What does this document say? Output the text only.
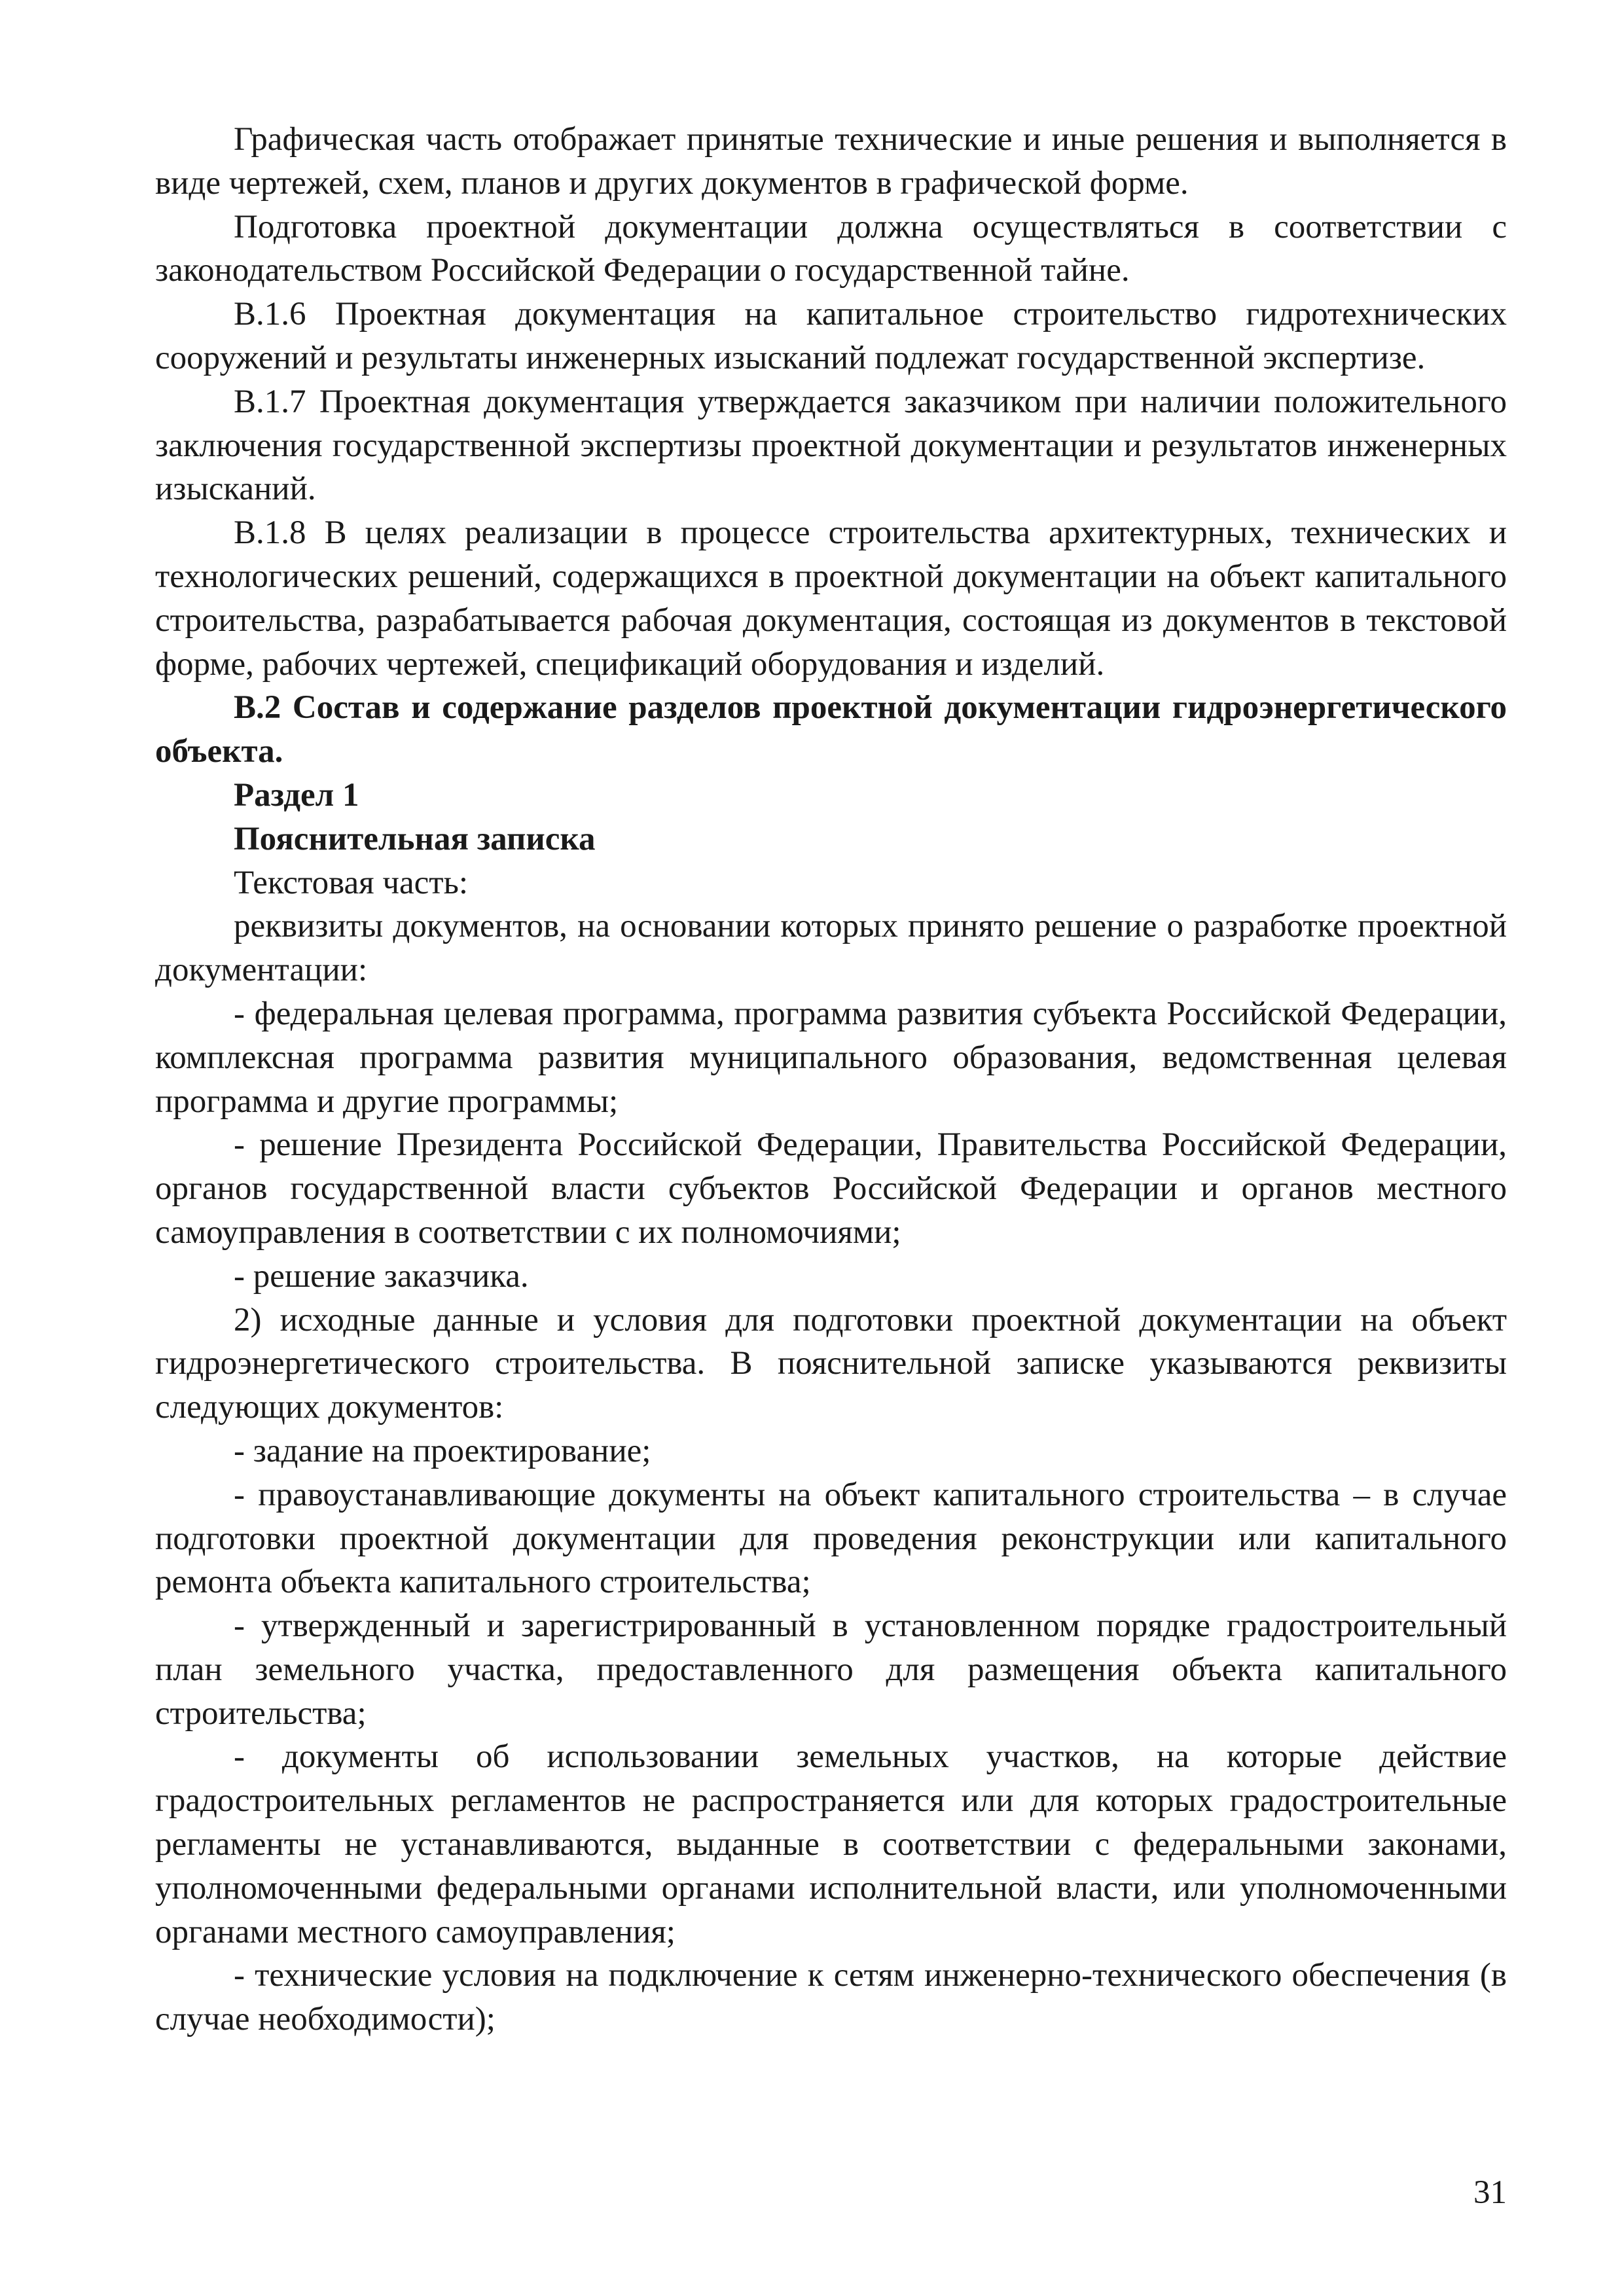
Графическая часть отображает принятые технические и иные решения и выполняется в виде чертежей, схем, планов и других документов в графической форме.

Подготовка проектной документации должна осуществляться в соответствии с законодательством Российской Федерации о государственной тайне.

В.1.6 Проектная документация на капитальное строительство гидротехнических сооружений и результаты инженерных изысканий подлежат государственной экспертизе.

В.1.7 Проектная документация утверждается заказчиком при наличии положительного заключения государственной экспертизы проектной документации и результатов инженерных изысканий.

В.1.8 В целях реализации в процессе строительства архитектурных, технических и технологических решений, содержащихся в проектной документации на объект капитального строительства, разрабатывается рабочая документация, состоящая из документов в текстовой форме, рабочих чертежей, спецификаций оборудования и изделий.

В.2 Состав и содержание разделов проектной документации гидроэнергетического объекта.

Раздел 1

Пояснительная записка

Текстовая часть:

реквизиты документов, на основании которых принято решение о разработке проектной документации:

- федеральная целевая программа, программа развития субъекта Российской Федерации, комплексная программа развития муниципального образования, ведомственная целевая программа и другие программы;

- решение Президента Российской Федерации, Правительства Российской Федерации, органов государственной власти субъектов Российской Федерации и органов местного самоуправления в соответствии с их полномочиями;

- решение заказчика.

2) исходные данные и условия для подготовки проектной документации на объект гидроэнергетического строительства. В пояснительной записке указываются реквизиты следующих документов:

- задание на проектирование;

- правоустанавливающие документы на объект капитального строительства – в случае подготовки проектной документации для проведения реконструкции или капитального ремонта объекта капитального строительства;

- утвержденный и зарегистрированный в установленном порядке градостроительный план земельного участка, предоставленного для размещения объекта капитального строительства;

- документы об использовании земельных участков, на которые действие градостроительных регламентов не распространяется или для которых градостроительные регламенты не устанавливаются, выданные в соответствии с федеральными законами, уполномоченными федеральными органами исполнительной власти, или уполномоченными органами местного самоуправления;

- технические условия на подключение к сетям инженерно-технического обеспечения (в случае необходимости);

31
